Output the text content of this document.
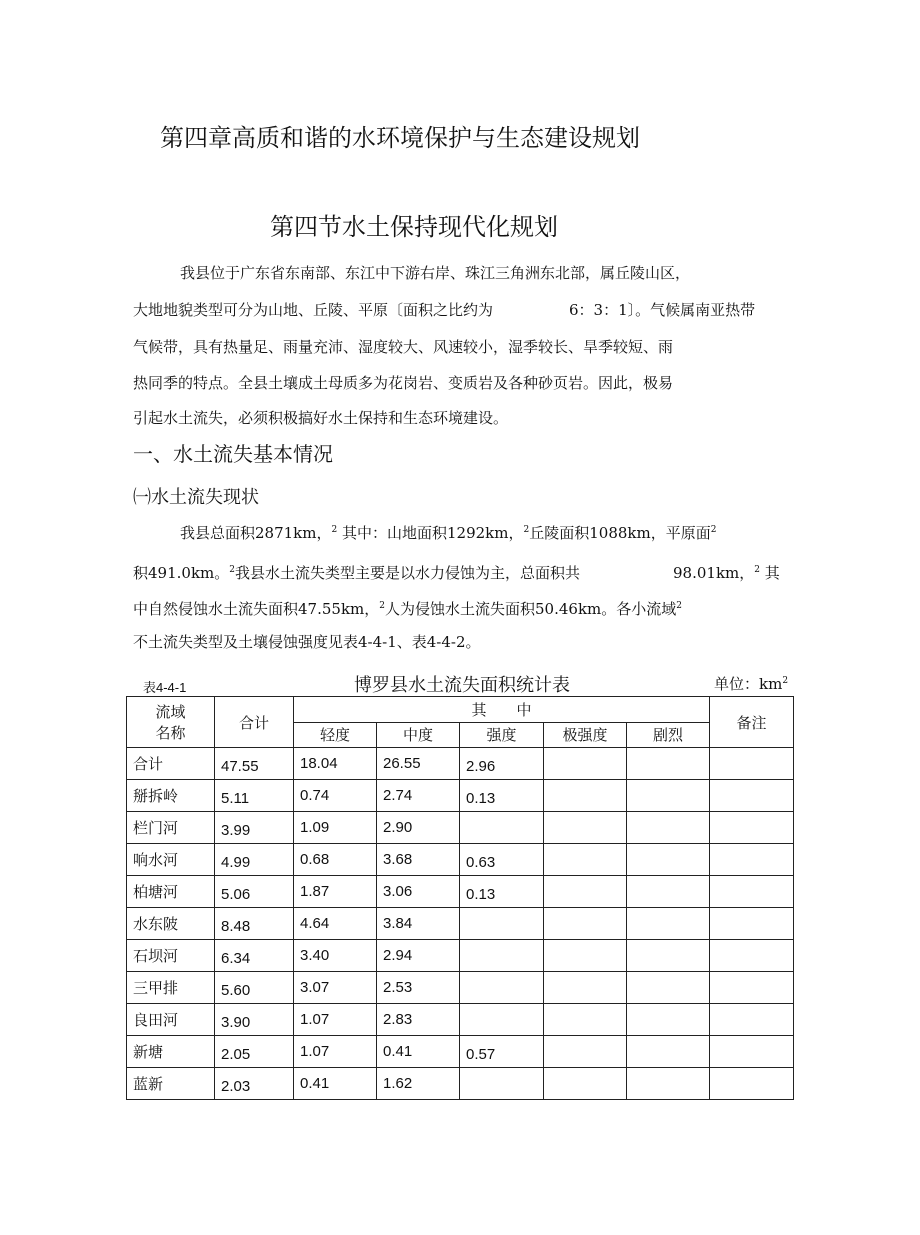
第四章高质和谐的水环境保护与生态建设规划
第四节水土保持现代化规划
我县位于广东省东南部、东江中下游右岸、珠江三角洲东北部，属丘陵山区，
大地地貌类型可分为山地、丘陵、平原〔面积之比约为	6：3：1〕。气候属南亚热带
气候带，具有热量足、雨量充沛、湿度较大、风速较小，湿季较长、旱季较短、雨
热同季的特点。全县土壤成土母质多为花岗岩、变质岩及各种砂页岩。因此，极易
引起水土流失，必须积极搞好水土保持和生态环境建设。
一、水土流失基本情况
㈠水土流失现状
我县总面积2871km，$^2$ 其中：山地面积1292km，$^2$丘陵面积1088km，平原面$^2$
积491.0km。$^2$我县水土流失类型主要是以水力侵蚀为主，总面积共	98.01km，$^2$ 其
中自然侵蚀水土流失面积47.55km，$^2$人为侵蚀水土流失面积50.46km。各小流域$^2$
不土流失类型及土壤侵蚀强度见表4-4-1、表4-4-2。
表4-4-1	博罗县水土流失面积统计表	单位：$km^2$
流域
名称	合计	其　　中					备注
		轻度	中度	强度	极强度	剧烈	
合计	47.55	18.04	26.55	2.96			
掰拆岭	5.11	0.74	2.74	0.13			
栏门河	3.99	1.09	2.90				
响水河	4.99	0.68	3.68	0.63			
柏塘河	5.06	1.87	3.06	0.13			
水东陂	8.48	4.64	3.84				
石坝河	6.34	3.40	2.94				
三甲排	5.60	3.07	2.53				
良田河	3.90	1.07	2.83				
新塘	2.05	1.07	0.41	0.57			
蓝新	2.03	0.41	1.62				
